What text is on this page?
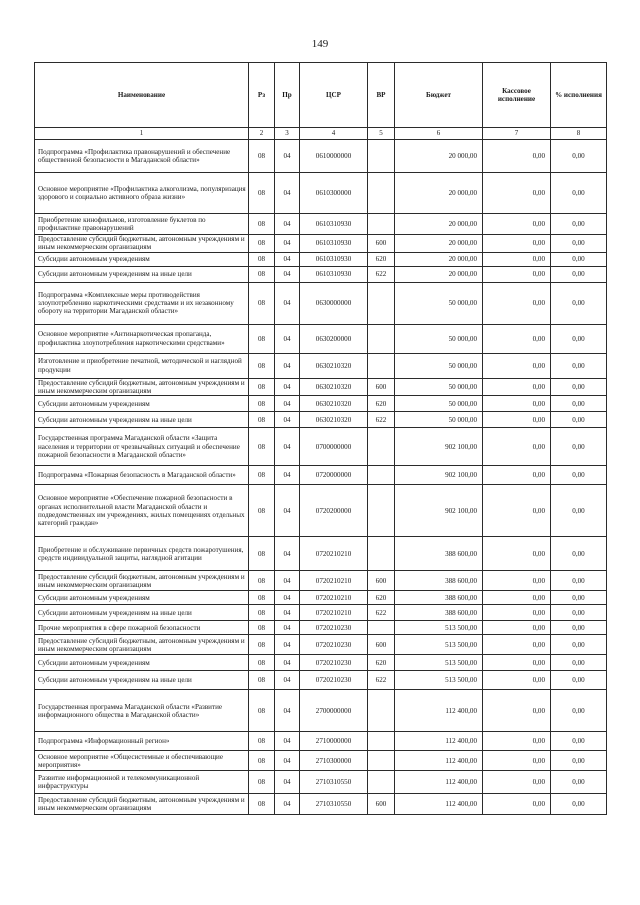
149
Наименование	Рз	Пр	ЦСР	ВР	Бюджет	Кассовое исполнение	% исполнения
1	2	3	4	5	6	7	8
Подпрограмма «Профилактика правонарушений и обеспечение общественной безопасности в Магаданской области»	08	04	0610000000		20 000,00	0,00	0,00
Основное мероприятие «Профилактика алкоголизма, популяризация здорового и социально активного образа жизни»	08	04	0610300000		20 000,00	0,00	0,00
Приобретение кинофильмов, изготовление буклетов по профилактике правонарушений	08	04	0610310930		20 000,00	0,00	0,00
Предоставление субсидий бюджетным, автономным учреждениям и иным некоммерческим организациям	08	04	0610310930	600	20 000,00	0,00	0,00
Субсидии автономным учреждениям	08	04	0610310930	620	20 000,00	0,00	0,00
Субсидии автономным учреждениям на иные цели	08	04	0610310930	622	20 000,00	0,00	0,00
Подпрограмма «Комплексные меры противодействия злоупотреблению наркотическими средствами и их незаконному обороту на территории Магаданской области»	08	04	0630000000		50 000,00	0,00	0,00
Основное мероприятие «Антинаркотическая пропаганда, профилактика злоупотребления наркотическими средствами»	08	04	0630200000		50 000,00	0,00	0,00
Изготовление и приобретение печатной, методической и наглядной продукции	08	04	0630210320		50 000,00	0,00	0,00
Предоставление субсидий бюджетным, автономным учреждениям и иным некоммерческим организациям	08	04	0630210320	600	50 000,00	0,00	0,00
Субсидии автономным учреждениям	08	04	0630210320	620	50 000,00	0,00	0,00
Субсидии автономным учреждениям на иные цели	08	04	0630210320	622	50 000,00	0,00	0,00
Государственная программа Магаданской области «Защита населения и территории от чрезвычайных ситуаций и обеспечение пожарной безопасности в Магаданской области»	08	04	0700000000		902 100,00	0,00	0,00
Подпрограмма «Пожарная безопасность в Магаданской области»	08	04	0720000000		902 100,00	0,00	0,00
Основное мероприятие «Обеспечение пожарной безопасности в органах исполнительной власти Магаданской области и подведомственных им учреждениях, жилых помещениях отдельных категорий граждан»	08	04	0720200000		902 100,00	0,00	0,00
Приобретение и обслуживание первичных средств пожаротушения, средств индивидуальной защиты, наглядной агитации	08	04	0720210210		388 600,00	0,00	0,00
Предоставление субсидий бюджетным, автономным учреждениям и иным некоммерческим организациям	08	04	0720210210	600	388 600,00	0,00	0,00
Субсидии автономным учреждениям	08	04	0720210210	620	388 600,00	0,00	0,00
Субсидии автономным учреждениям на иные цели	08	04	0720210210	622	388 600,00	0,00	0,00
Прочие мероприятия в сфере пожарной безопасности	08	04	0720210230		513 500,00	0,00	0,00
Предоставление субсидий бюджетным, автономным учреждениям и иным некоммерческим организациям	08	04	0720210230	600	513 500,00	0,00	0,00
Субсидии автономным учреждениям	08	04	0720210230	620	513 500,00	0,00	0,00
Субсидии автономным учреждениям на иные цели	08	04	0720210230	622	513 500,00	0,00	0,00
Государственная программа Магаданской области «Развитие информационного общества в Магаданской области»	08	04	2700000000		112 400,00	0,00	0,00
Подпрограмма «Информационный регион»	08	04	2710000000		112 400,00	0,00	0,00
Основное мероприятие «Общесистемные и обеспечивающие мероприятия»	08	04	2710300000		112 400,00	0,00	0,00
Развитие информационной и телекоммуникационной инфраструктуры	08	04	2710310550		112 400,00	0,00	0,00
Предоставление субсидий бюджетным, автономным учреждениям и иным некоммерческим организациям	08	04	2710310550	600	112 400,00	0,00	0,00
